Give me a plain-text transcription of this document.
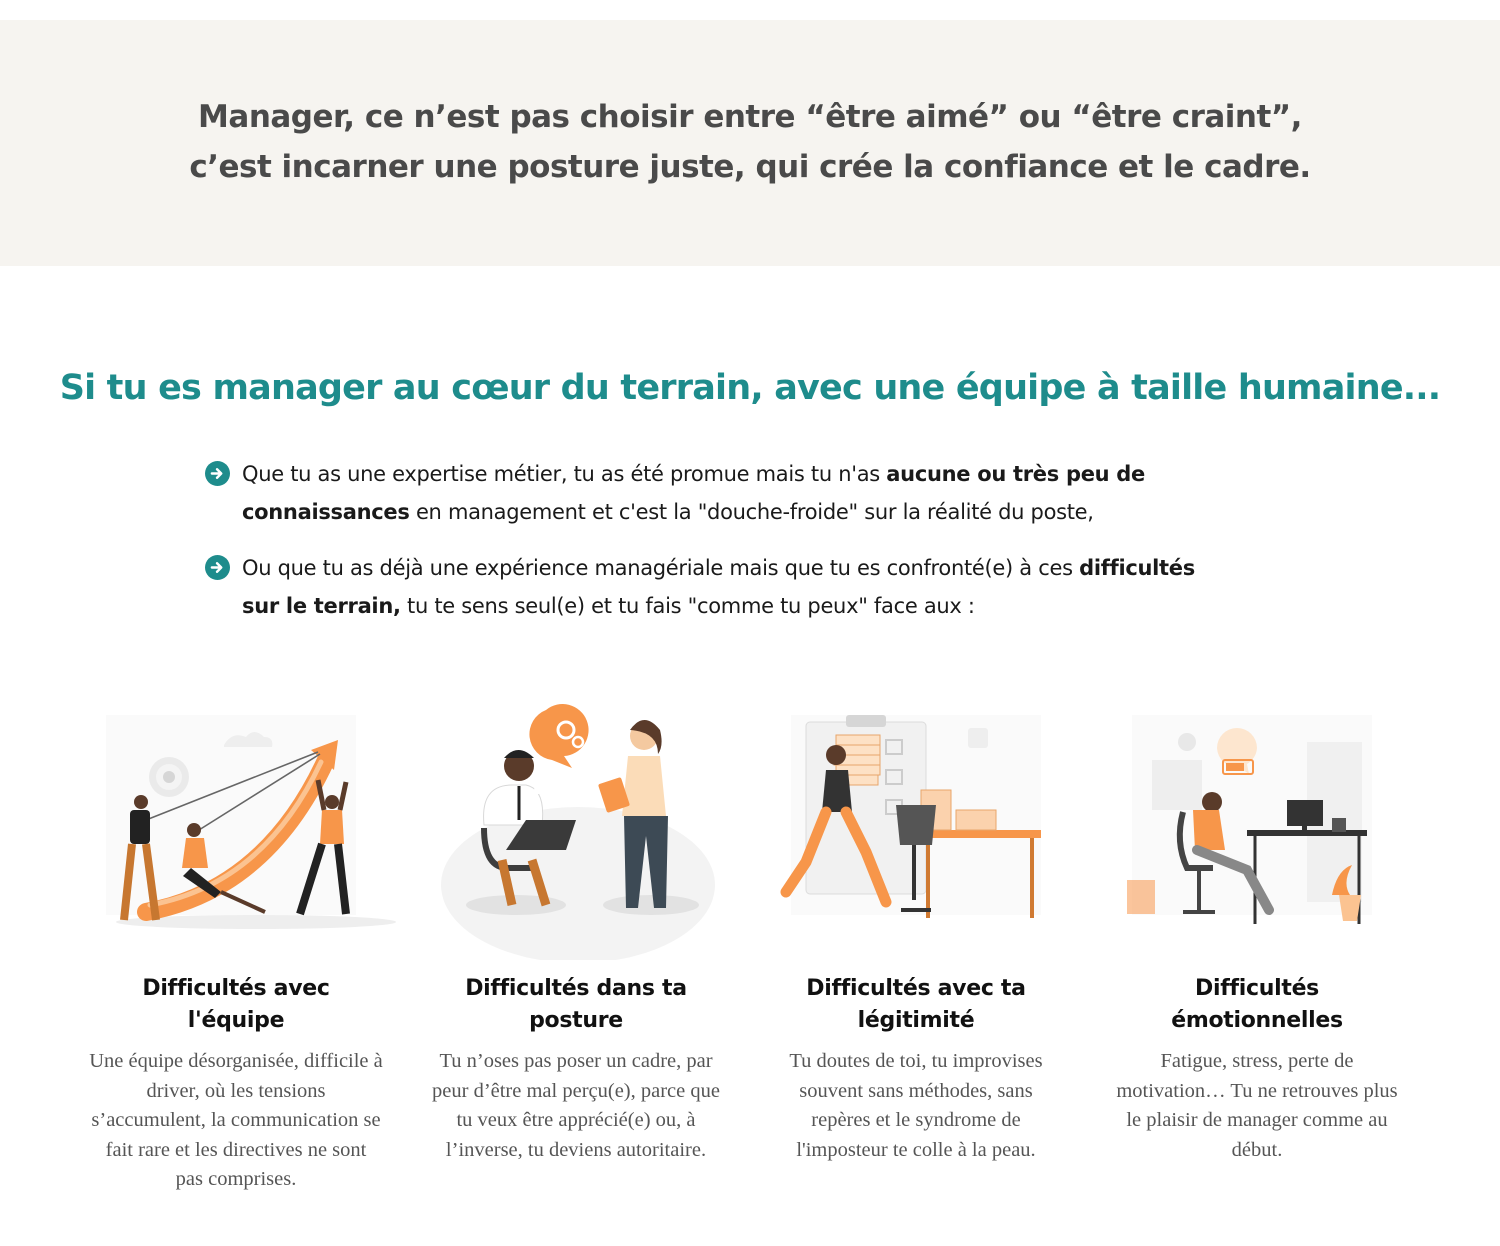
Manager, ce n’est pas choisir entre “être aimé” ou “être craint”,
c’est incarner une posture juste, qui crée la confiance et le cadre.
Si tu es manager au cœur du terrain, avec une équipe à taille humaine...

Que tu as une expertise métier, tu as été promue mais tu n'as aucune ou très peu de
connaissances en management et c'est la "douche-froide" sur la réalité du poste,

Ou que tu as déjà une expérience managériale mais que tu es confronté(e) à ces difficultés
sur le terrain, tu te sens seul(e) et tu fais "comme tu peux" face aux :

Difficultés avec
l'équipe
Une équipe désorganisée, difficile à
driver, où les tensions
s’accumulent, la communication se
fait rare et les directives ne sont
pas comprises.
Difficultés dans ta
posture
Tu n’oses pas poser un cadre, par
peur d’être mal perçu(e), parce que
tu veux être apprécié(e) ou, à
l’inverse, tu deviens autoritaire.
Difficultés avec ta
légitimité
Tu doutes de toi, tu improvises
souvent sans méthodes, sans
repères et le syndrome de
l'imposteur te colle à la peau.
Difficultés
émotionnelles
Fatigue, stress, perte de
motivation… Tu ne retrouves plus
le plaisir de manager comme au
début.
